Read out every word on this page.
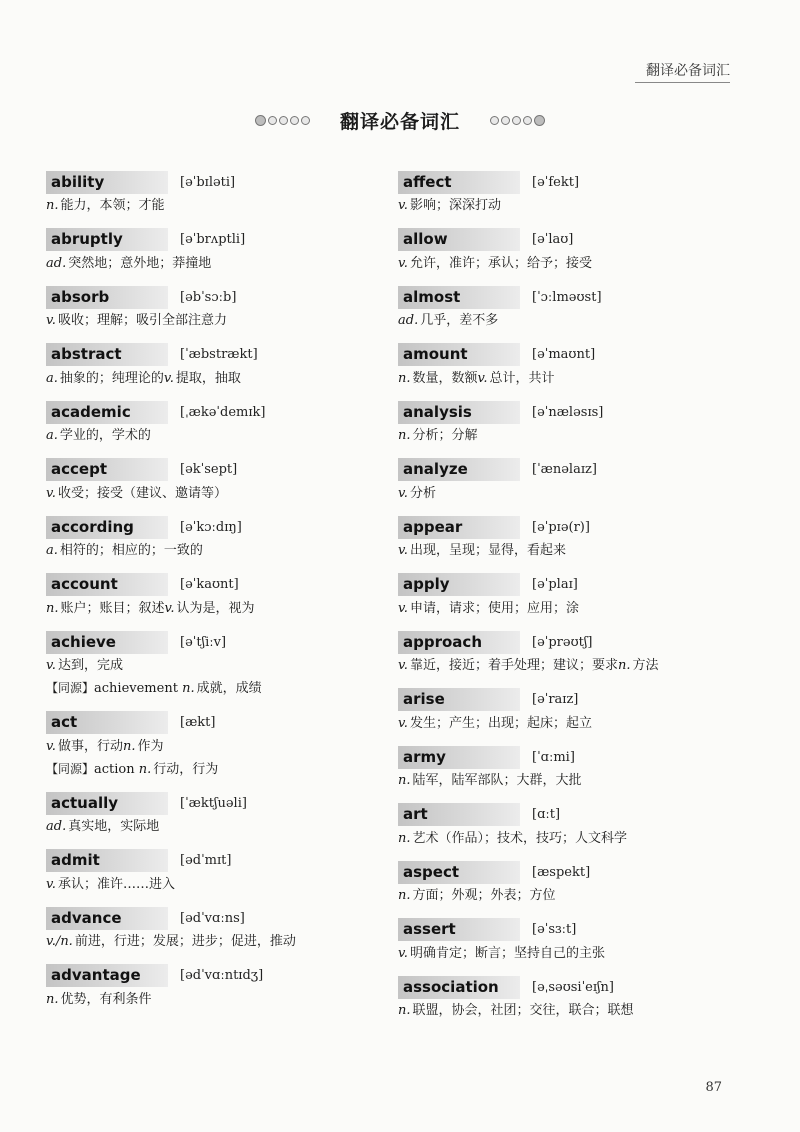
翻译必备词汇
翻译必备词汇
ability	[əˈbɪləti]
n. 能力，本领；才能
abruptly	[əˈbrʌptli]
ad. 突然地；意外地；莽撞地
absorb	[əbˈsɔːb]
v. 吸收；理解；吸引全部注意力
abstract	[ˈæbstrækt]
a. 抽象的；纯理论的v. 提取，抽取
academic	[ˌækəˈdemɪk]
a. 学业的，学术的
accept	[əkˈsept]
v. 收受；接受（建议、邀请等）
according	[əˈkɔːdɪŋ]
a. 相符的；相应的；一致的
account	[əˈkaʊnt]
n. 账户；账目；叙述v. 认为是，视为
achieve	[əˈtʃiːv]
v. 达到，完成
【同源】achievement n. 成就，成绩
act	[ækt]
v. 做事，行动n. 作为
【同源】action n. 行动，行为
actually	[ˈæktʃuəli]
ad. 真实地，实际地
admit	[ədˈmɪt]
v. 承认；准许……进入
advance	[ədˈvɑːns]
v./n. 前进，行进；发展；进步；促进，推动
advantage	[ədˈvɑːntɪdʒ]
n. 优势，有利条件
affect	[əˈfekt]
v. 影响；深深打动
allow	[əˈlaʊ]
v. 允许，准许；承认；给予；接受
almost	[ˈɔːlməʊst]
ad. 几乎，差不多
amount	[əˈmaʊnt]
n. 数量，数额v. 总计，共计
analysis	[əˈnæləsɪs]
n. 分析；分解
analyze	[ˈænəlaɪz]
v. 分析
appear	[əˈpɪə(r)]
v. 出现，呈现；显得，看起来
apply	[əˈplaɪ]
v. 申请，请求；使用；应用；涂
approach	[əˈprəʊtʃ]
v. 靠近，接近；着手处理；建议；要求n. 方法
arise	[əˈraɪz]
v. 发生；产生；出现；起床；起立
army	[ˈɑːmi]
n. 陆军，陆军部队；大群，大批
art	[ɑːt]
n. 艺术（作品）；技术，技巧；人文科学
aspect	[æspekt]
n. 方面；外观；外表；方位
assert	[əˈsɜːt]
v. 明确肯定；断言；坚持自己的主张
association	[əˌsəʊsiˈeɪʃn]
n. 联盟，协会，社团；交往，联合；联想
87
